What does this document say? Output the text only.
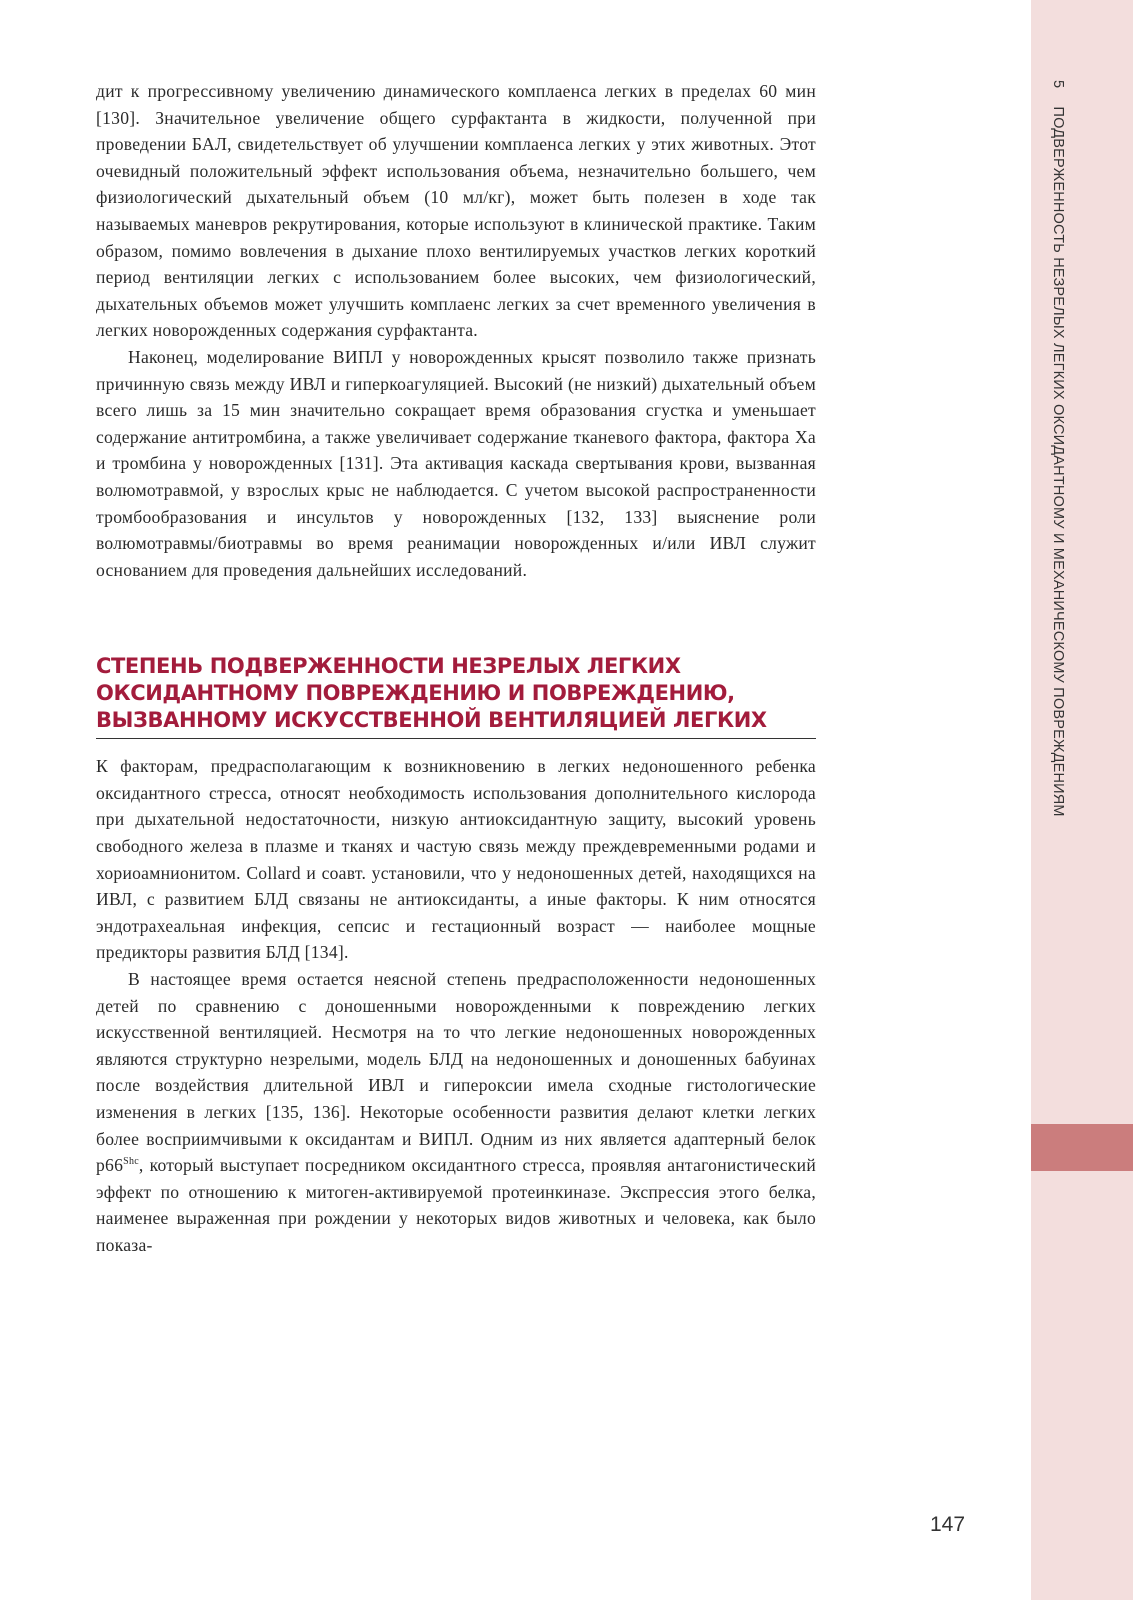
5 ПОДВЕРЖЕННОСТЬ НЕЗРЕЛЫХ ЛЕГКИХ ОКСИДАНТНОМУ И МЕХАНИЧЕСКОМУ ПОВРЕЖДЕНИЯМ

дит к прогрессивному увеличению динамического комплаенса легких в пределах 60 мин [130]. Значительное увеличение общего сурфактанта в жидкости, полученной при проведении БАЛ, свидетельствует об улучшении комплаенса легких у этих животных. Этот очевидный положительный эффект использования объема, незначительно большего, чем физиологический дыхательный объем (10 мл/кг), может быть полезен в ходе так называемых маневров рекрутирования, которые используют в клинической практике. Таким образом, помимо вовлечения в дыхание плохо вентилируемых участков легких короткий период вентиляции легких с использованием более высоких, чем физиологический, дыхательных объемов может улучшить комплаенс легких за счет временного увеличения в легких новорожденных содержания сурфактанта.

Наконец, моделирование ВИПЛ у новорожденных крысят позволило также признать причинную связь между ИВЛ и гиперкоагуляцией. Высокий (не низкий) дыхательный объем всего лишь за 15 мин значительно сокращает время образования сгустка и уменьшает содержание антитромбина, а также увеличивает содержание тканевого фактора, фактора Xa и тромбина у новорожденных [131]. Эта активация каскада свертывания крови, вызванная волюмотравмой, у взрослых крыс не наблюдается. С учетом высокой распространенности тромбообразования и инсультов у новорожденных [132, 133] выяснение роли волюмотравмы/биотравмы во время реанимации новорожденных и/или ИВЛ служит основанием для проведения дальнейших исследований.

СТЕПЕНЬ ПОДВЕРЖЕННОСТИ НЕЗРЕЛЫХ ЛЕГКИХ
ОКСИДАНТНОМУ ПОВРЕЖДЕНИЮ И ПОВРЕЖДЕНИЮ,
ВЫЗВАННОМУ ИСКУССТВЕННОЙ ВЕНТИЛЯЦИЕЙ ЛЕГКИХ

К факторам, предрасполагающим к возникновению в легких недоношенного ребенка оксидантного стресса, относят необходимость использования дополнительного кислорода при дыхательной недостаточности, низкую антиоксидантную защиту, высокий уровень свободного железа в плазме и тканях и частую связь между преждевременными родами и хориоамнионитом. Collard и соавт. установили, что у недоношенных детей, находящихся на ИВЛ, с развитием БЛД связаны не антиоксиданты, а иные факторы. К ним относятся эндотрахеальная инфекция, сепсис и гестационный возраст — наиболее мощные предикторы развития БЛД [134].

В настоящее время остается неясной степень предрасположенности недоношенных детей по сравнению с доношенными новорожденными к повреждению легких искусственной вентиляцией. Несмотря на то что легкие недоношенных новорожденных являются структурно незрелыми, модель БЛД на недоношенных и доношенных бабуинах после воздействия длительной ИВЛ и гипероксии имела сходные гистологические изменения в легких [135, 136]. Некоторые особенности развития делают клетки легких более восприимчивыми к оксидантам и ВИПЛ. Одним из них является адаптерный белок $p66^{Shc}$, который выступает посредником оксидантного стресса, проявляя антагонистический эффект по отношению к митоген-активируемой протеинкиназе. Экспрессия этого белка, наименее выраженная при рождении у некоторых видов животных и человека, как было показа-

147
